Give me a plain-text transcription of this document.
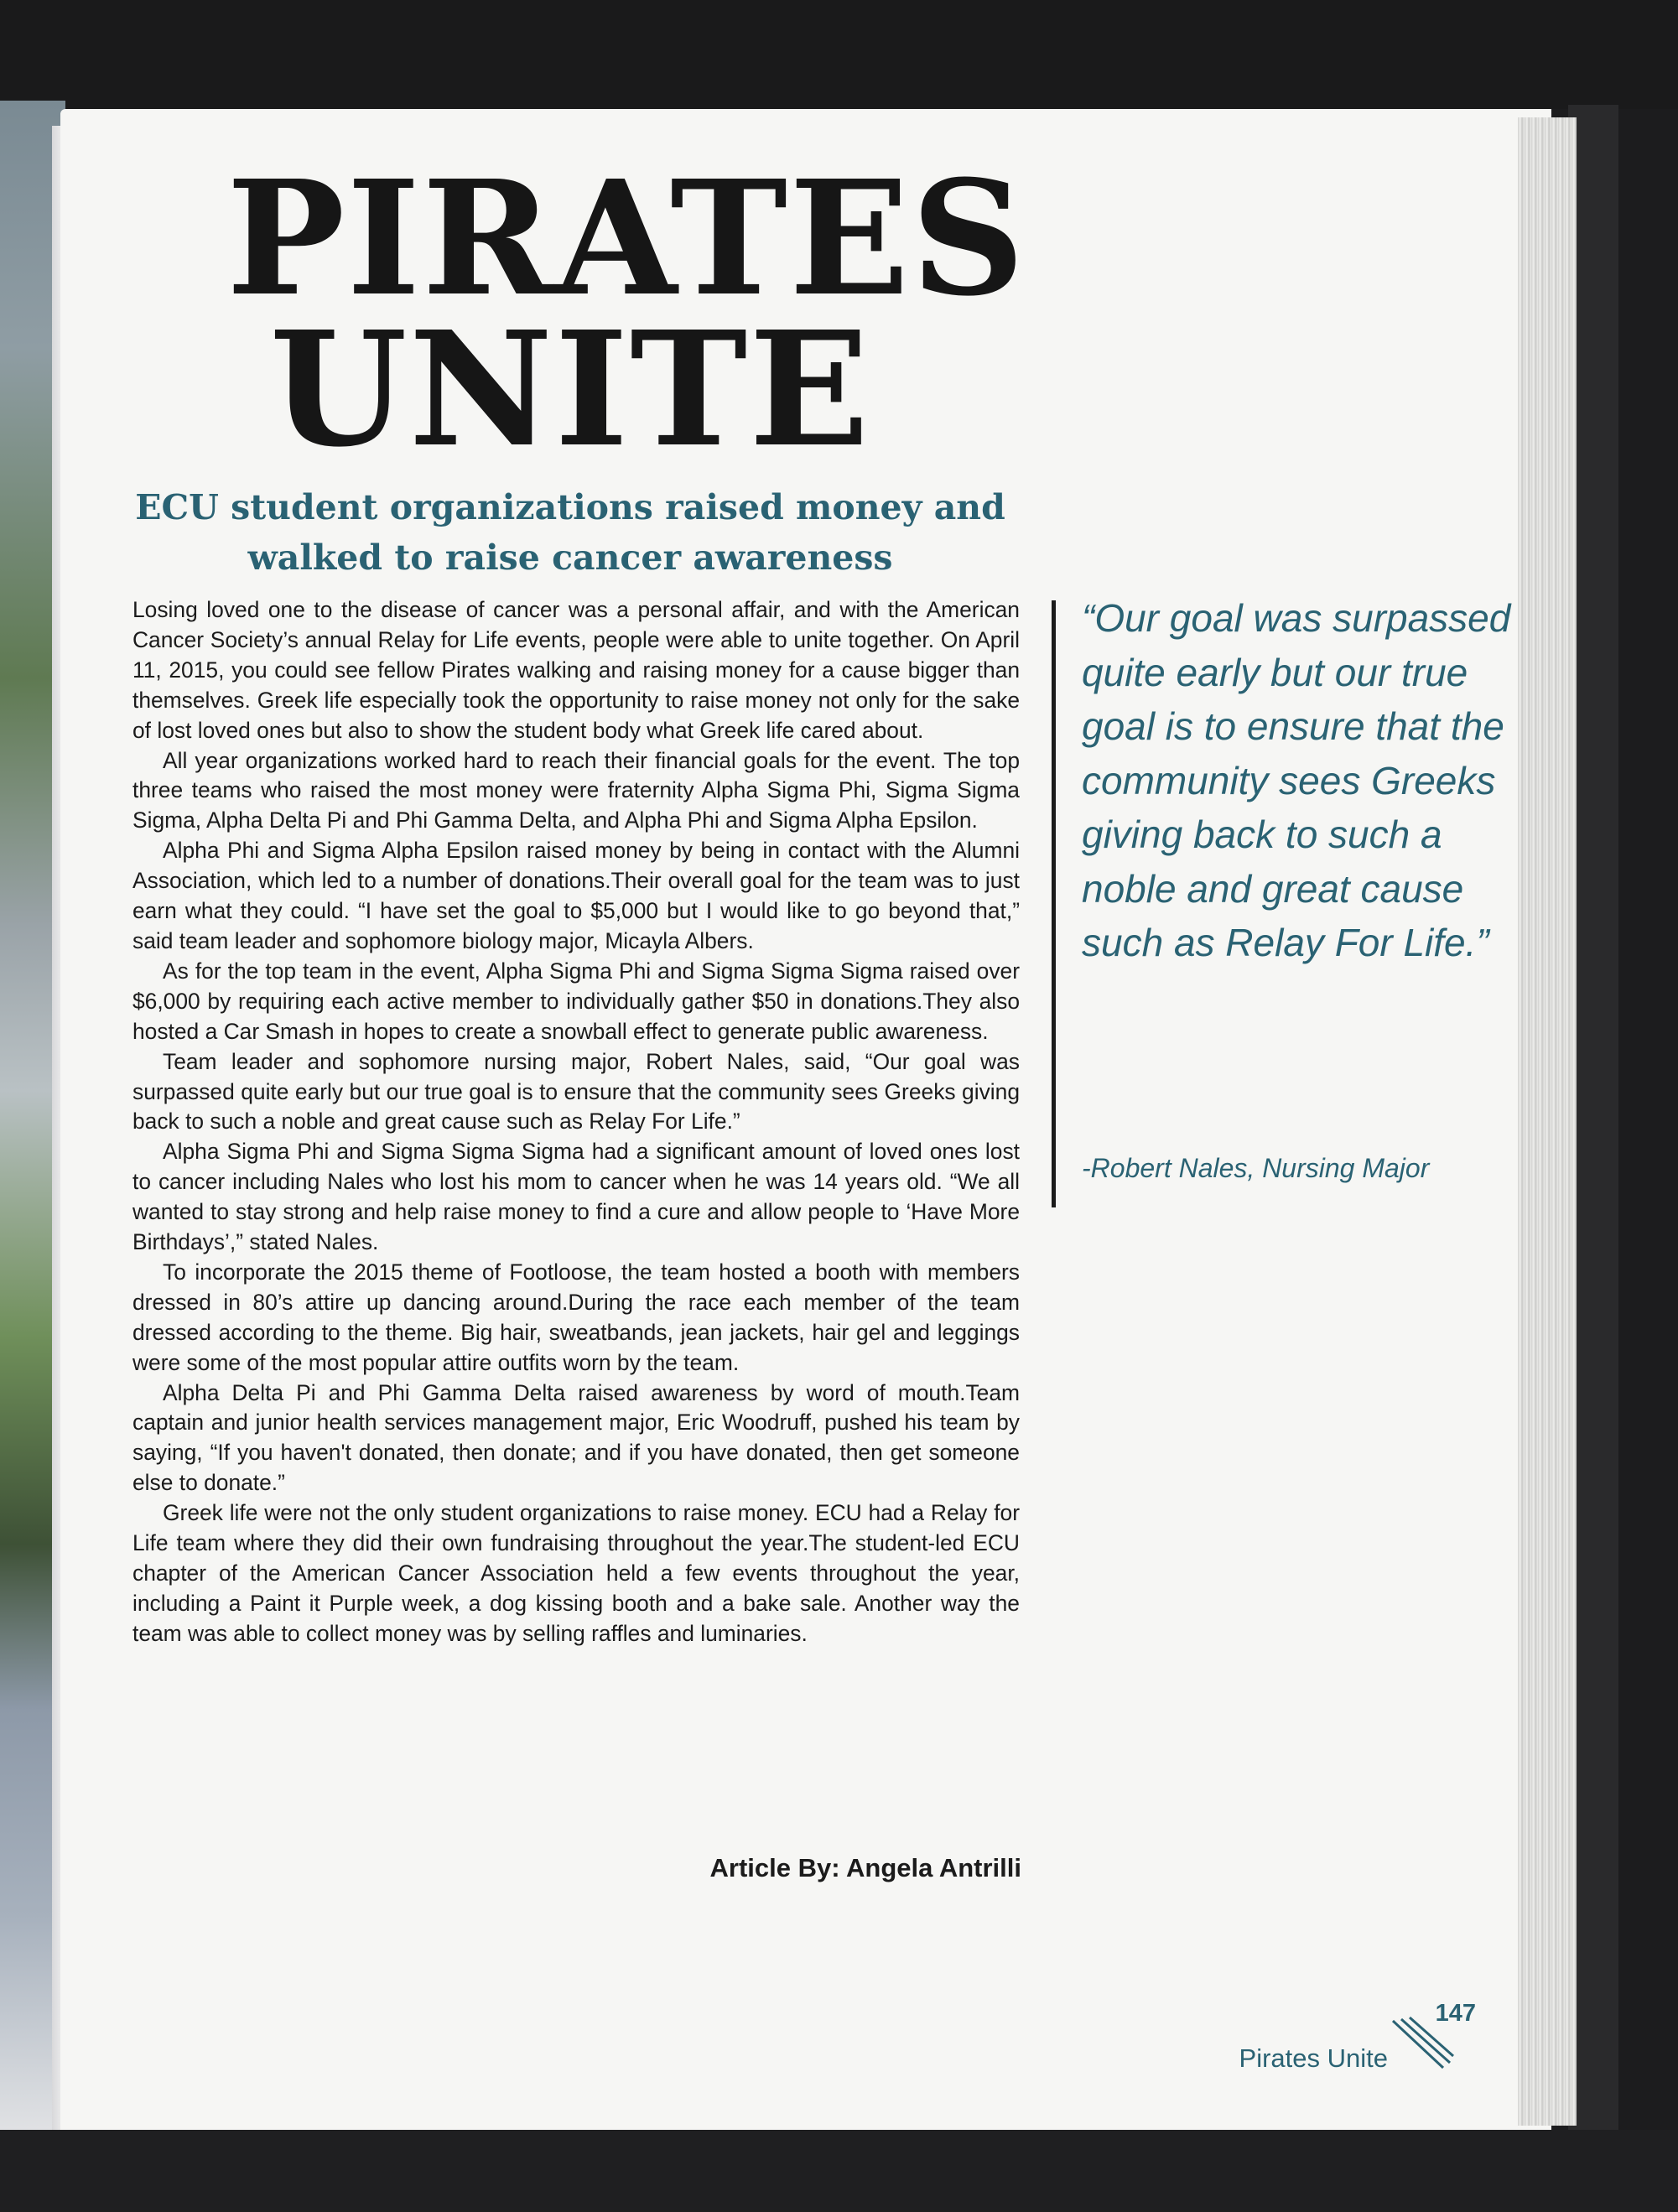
PIRATES
UNITE
ECU student organizations raised money and
walked to raise cancer awareness

Losing loved one to the disease of cancer was a personal affair, and with the American Cancer Society’s annual Relay for Life events, people were able to unite together. On April 11, 2015, you could see fellow Pirates walking and raising money for a cause bigger than themselves. Greek life especially took the opportunity to raise money not only for the sake of lost loved ones but also to show the student body what Greek life cared about.

All year organizations worked hard to reach their financial goals for the event. The top three teams who raised the most money were fraternity Alpha Sigma Phi, Sigma Sigma Sigma, Alpha Delta Pi and Phi Gamma Delta, and Alpha Phi and Sigma Alpha Epsilon.

Alpha Phi and Sigma Alpha Epsilon raised money by being in contact with the Alumni Association, which led to a number of donations.Their overall goal for the team was to just earn what they could. “I have set the goal to $5,000 but I would like to go beyond that,” said team leader and sophomore biology major, Micayla Albers.

As for the top team in the event, Alpha Sigma Phi and Sigma Sigma Sigma raised over $6,000 by requiring each active member to individually gather $50 in donations.They also hosted a Car Smash in hopes to create a snowball effect to generate public awareness.

Team leader and sophomore nursing major, Robert Nales, said, “Our goal was surpassed quite early but our true goal is to ensure that the community sees Greeks giving back to such a noble and great cause such as Relay For Life.”

Alpha Sigma Phi and Sigma Sigma Sigma had a significant amount of loved ones lost to cancer including Nales who lost his mom to cancer when he was 14 years old. “We all wanted to stay strong and help raise money to find a cure and allow people to ‘Have More Birthdays’,” stated Nales.

To incorporate the 2015 theme of Footloose, the team hosted a booth with members dressed in 80’s attire up dancing around.During the race each member of the team dressed according to the theme. Big hair, sweatbands, jean jackets, hair gel and leggings were some of the most popular attire outfits worn by the team.

Alpha Delta Pi and Phi Gamma Delta raised awareness by word of mouth.Team captain and junior health services management major, Eric Woodruff, pushed his team by saying, “If you haven't donated, then donate; and if you have donated, then get someone else to donate.”

Greek life were not the only student organizations to raise money. ECU had a Relay for Life team where they did their own fundraising throughout the year.The student-led ECU chapter of the American Cancer Association held a few events throughout the year, including a Paint it Purple week, a dog kissing booth and a bake sale. Another way the team was able to collect money was by selling raffles and luminaries.

Article By: Angela Antrilli
“Our goal was surpassed quite early but our true goal is to ensure that the community sees Greeks giving back to such a noble and great cause such as Relay For Life.”
-Robert Nales, Nursing Major
147
Pirates Unite
